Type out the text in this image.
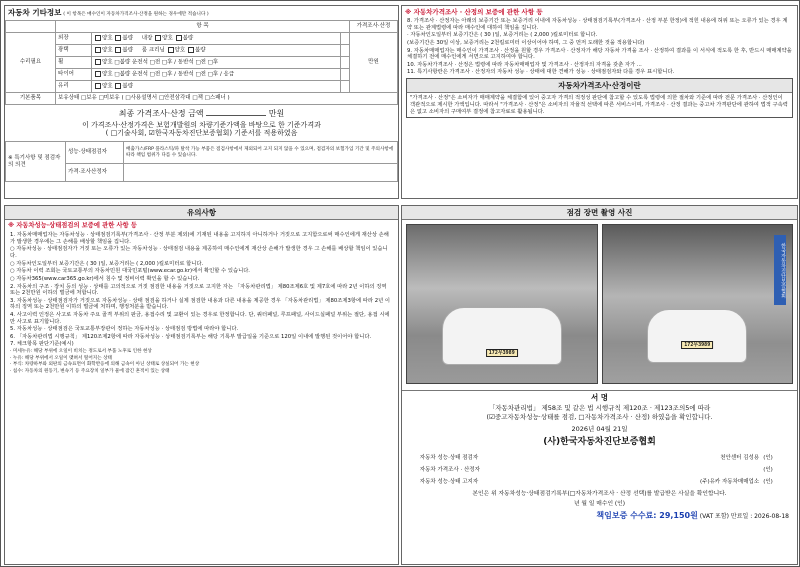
자동차 기타정보 ( 이 항목은 매수인이 자동차가격조사·산정을 원하는 경우에만 적습니다 )
	항 목			가격조사·산정
수리필요	외장	양호 불량 내장 양호 불량		만원
	광택	양호 불량 룸 크리닝 양호 불량		
	휠	양호 □불량 운전석 □전 □후 / 동반석 □전 □후		
	타이어	양호 □불량 운전석 □전 □후 / 동반석 □전 □후 / 응급		
	유리	양호 불량		
기본품목	보유상태 □보유 □미보유 ( □사용설명서 □안전삼각대 □잭 □스패너 )			
최종 가격조사·산정 금액	만원
이 가격조사·산정가격은 보험개발원의 차량기준가액을 바탕으로 한 기준가격과
( □기술사회, ☑한국자동차진단보증협회) 기준서를 적용하였음
※ 특기사항 및 점검자의 의견	성능·상태점검자	배출가스/FRP 플라스틱/파 탈착 가능 부품은 점검사항에서 제외되어 고지 되지 않을 수 있으며, 점검자의 보험가입 기간 및 주의사항에 따라 책임 범위가 다를 수 있습니다.
	가격·조사산정자	
※ 자동차가격조사 · 산정의 보증에 관한 사항 등
8. 가격조사 · 산정자는 아래의 보증기간 또는 보증거리 이내에 자동차성능 · 상태점검기록부(가격조사 · 산정 부분 한정)에 적힌 내용에 허위 또는 오류가 있는 경우 계약 또는 관계법령에 따라 매수인에 대하여 책임을 집니다.
· 자동차인도일부터 보증기간은 ( 30 )일, 보증거리는 ( 2,000 )킬로미터로 합니다.
(보증기간은 30일 이상, 보증거리는 2천킬로미터 이상이어야 하며, 그 중 먼저 도래한 것을 적용합니다)
9. 자동차매매업자는 매수인이 가격조사 · 산정을 원할 경우 가격조사 · 산정자가 해당 자동차 가격을 조사 · 산정하여 결과를 이 서식에 적도록 한 후, 반드시 매매계약을 체결하기 전에 매수인에게 서면으로 고지하여야 합니다.
10. 자동차가격조사 · 산정은 법령에 따라 자동차매매업자 및 가격조사 · 산정자의 자격을 갖춘 자가 ...
11. 특기사항란은 가격조사 · 산정자의 자동차 성능 · 상태에 대한 견해가 성능 · 상태점검자와 다를 경우 표시합니다.
자동차가격조사·산정이란
"가격조사 · 산정"은 소비자가 매매계약을 체결함에 있어 중고자 가격의 적정성 판단에 참고할 수 있도록 법령에 의한 절차와 기준에 따라 전문 가격조사 · 산정인이 객관적으로 제시한 가액입니다. 따라서 "가격조사 · 산정"은 소비자의 자율적 선택에 따른 서비스이며, 가격조사 · 산정 결과는 중고차 가격판단에 관하여 법적 구속력은 없고 소비자의 구매여부 결정에 참고자료로 활용됩니다.
유의사항
※ 자동차성능·상태점검의 보증에 관한 사항 등
1. 자동차매매업자는 자동차성능 · 상태점검기록부(가격조사 · 산정 부분 제외)에 기재된 내용을 고지하지 아니하거나 거짓으로 고지함으로써 매수인에게 재산상 손해가 발생한 경우에는 그 손해를 배상할 책임을 집니다.
○ 자동차성능 · 상태점검자가 거짓 또는 오류가 있는 자동차성능 · 상태점검 내용을 제공하여 매수인에게 재산상 손해가 발생한 경우 그 손해를 배상할 책임이 있습니다.
○ 자동차인도일부터 보증기간은 ( 30 )일, 보증거리는 ( 2,000 )킬로미터로 합니다.
○ 자동차 이력 조회는 국토교통부의 자동차민원 대국민포털(www.ecar.go.kr)에서 확인할 수 있습니다.
○ 자동차365(www.car365.go.kr)에서 침수 및 정비이력 확인을 할 수 있습니다.
2. 자동차의 구조 · 장치 등의 성능 · 상태를 고의적으로 거짓 점검한 내용을 거짓으로 고지한 자는 「자동차관리법」 제80조제6호 및 제7호에 따라 2년 이하의 징역 또는 2천만원 이하의 벌금에 처합니다.
3. 자동차성능 · 상태점검자가 거짓으로 자동차성능 · 상태 점검을 하거나 실제 점검한 내용과 다른 내용을 제공한 경우 「자동차관리법」 제80조제3항에 따라 2년 이하의 징역 또는 2천만원 이하의 벌금에 처하며, 행정처분을 받습니다.
4. 사고이력 인정은 사고로 자동차 주요 골격 부위의 판금, 용접수리 및 교환이 있는 경우로 한정합니다. 단, 쿼터패널, 루프패널, 사이드실패널 부위는 절단, 용접 시에만 사고로 표기합니다.
5. 자동차성능 · 상태점검은 국토교통부장관이 정하는 자동차성능 · 상태점검 방법에 따라야 합니다.
6. 「자동차관리법 시행규칙」 제120조제2항에 따라 자동차성능 · 상태점검기록부는 해당 기록부 발급일을 기준으로 120일 이내에 발행된 것이어야 합니다.
7. 체크항목 판단기준(예시)
· 미세누유: 해당 부위에 오일이 비치는 정도로서 부품 노후로 인한 현상
· 누유: 해당 부위에서 오일이 맺혀서 떨어지는 상태
· 부식: 차량하부와 외판의 금속표면이 화학반응에 의해 금속이 아닌 상태로 상실되어 가는 현상
· 침수: 자동차의 원동기, 변속기 등 주요장치 일부가 물에 잠긴 흔적이 있는 상태
점검 장면 촬영 사진
172무3989
172무3989
한국자동차진단보증협회
서 명
「자동차관리법」 제58조 및 같은 법 시행규칙 제120조 · 제123조의5에 따라
(☑중고자동차성능·상태를 점검, □자동차가격조사 · 산정) 하였음을 확인합니다.
2026년 04월 21일
(사)한국자동차진단보증협회
자동차 성능·상태 점검자	천안센터 김성용	(인)
자동차 가격조사 · 산정자		(인)
자동차 성능·상태 고지자	(주)유카 자동차매매업소	(인)
본인은 위 자동차성능·상태점검기록부(□자동차가격조사 · 산정 선택)를 발급받은 사실을 확인합니다.
년 월 일 매수인 (인)
책임보증 수수료: 29,150원 (VAT 포함) 만료일 : 2026-08-18
